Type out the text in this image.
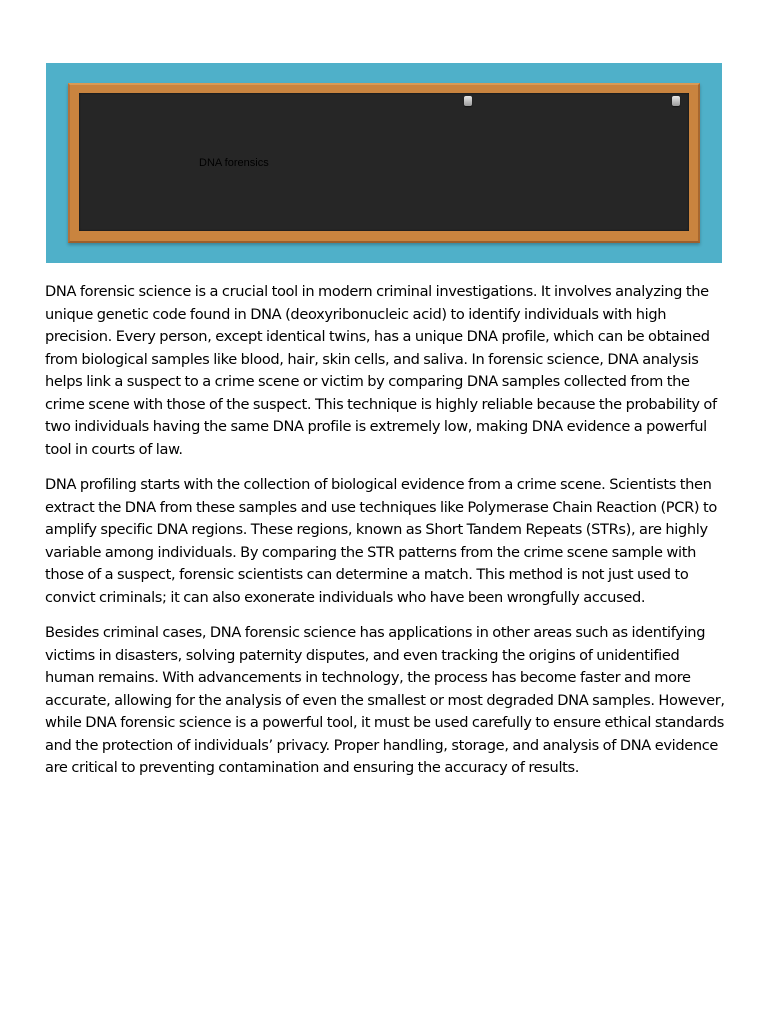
DNA forensics

DNA forensic science is a crucial tool in modern criminal investigations. It involves analyzing the unique genetic code found in DNA (deoxyribonucleic acid) to identify individuals with high precision. Every person, except identical twins, has a unique DNA profile, which can be obtained from biological samples like blood, hair, skin cells, and saliva. In forensic science, DNA analysis helps link a suspect to a crime scene or victim by comparing DNA samples collected from the crime scene with those of the suspect. This technique is highly reliable because the probability of two individuals having the same DNA profile is extremely low, making DNA evidence a powerful tool in courts of law.

DNA profiling starts with the collection of biological evidence from a crime scene. Scientists then extract the DNA from these samples and use techniques like Polymerase Chain Reaction (PCR) to amplify specific DNA regions. These regions, known as Short Tandem Repeats (STRs), are highly variable among individuals. By comparing the STR patterns from the crime scene sample with those of a suspect, forensic scientists can determine a match. This method is not just used to convict criminals; it can also exonerate individuals who have been wrongfully accused.

Besides criminal cases, DNA forensic science has applications in other areas such as identifying victims in disasters, solving paternity disputes, and even tracking the origins of unidentified human remains. With advancements in technology, the process has become faster and more accurate, allowing for the analysis of even the smallest or most degraded DNA samples. However, while DNA forensic science is a powerful tool, it must be used carefully to ensure ethical standards and the protection of individuals’ privacy. Proper handling, storage, and analysis of DNA evidence are critical to preventing contamination and ensuring the accuracy of results.
